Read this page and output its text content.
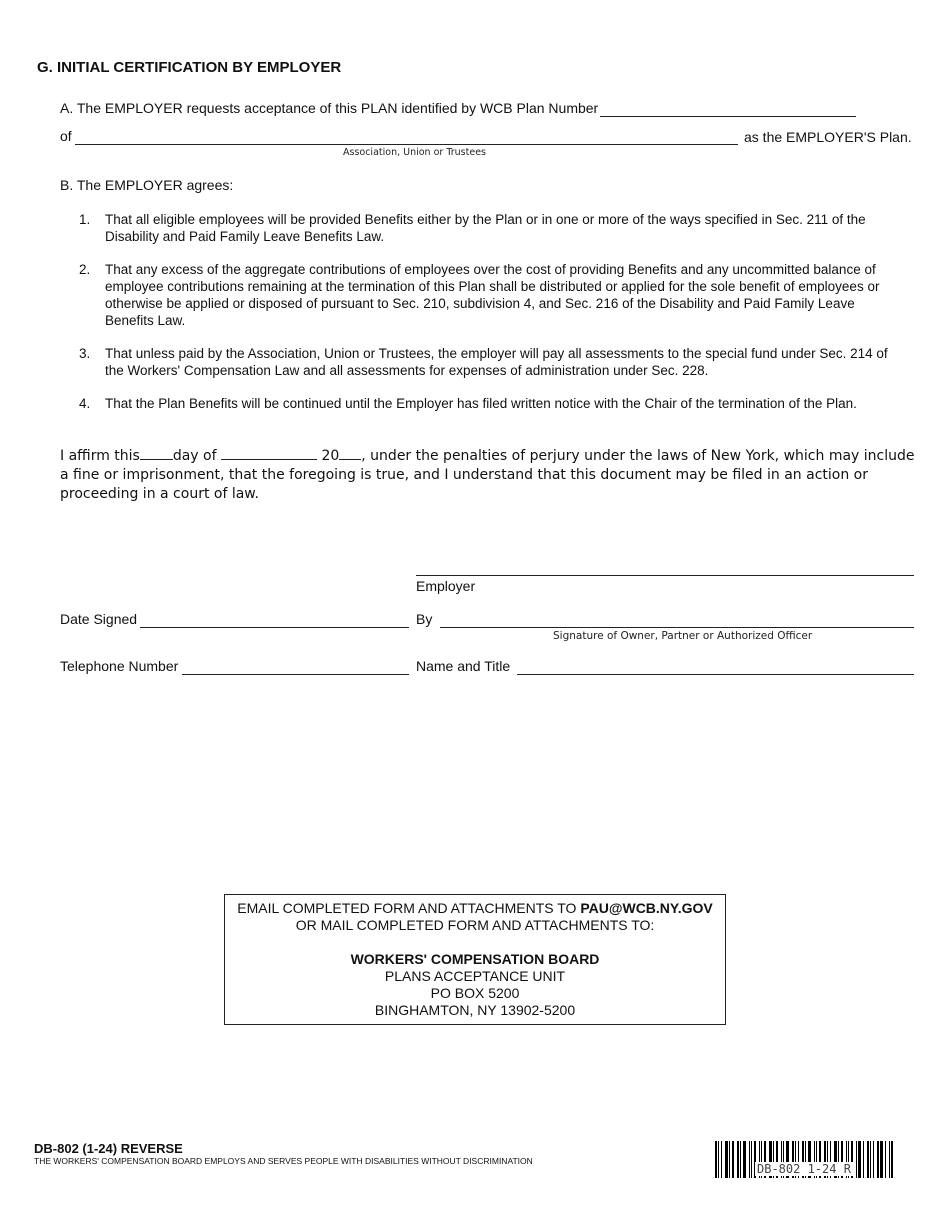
G. INITIAL CERTIFICATION BY EMPLOYER
A. The EMPLOYER requests acceptance of this PLAN identified by WCB Plan Number
of	as the EMPLOYER'S Plan.
Association, Union or Trustees
B. The EMPLOYER agrees:
1. That all eligible employees will be provided Benefits either by the Plan or in one or more of the ways specified in Sec. 211 of the
Disability and Paid Family Leave Benefits Law.
2. That any excess of the aggregate contributions of employees over the cost of providing Benefits and any uncommitted balance of
employee contributions remaining at the termination of this Plan shall be distributed or applied for the sole benefit of employees or
otherwise be applied or disposed of pursuant to Sec. 210, subdivision 4, and Sec. 216 of the Disability and Paid Family Leave
Benefits Law.
3. That unless paid by the Association, Union or Trustees, the employer will pay all assessments to the special fund under Sec. 214 of
the Workers' Compensation Law and all assessments for expenses of administration under Sec. 228.
4. That the Plan Benefits will be continued until the Employer has filed written notice with the Chair of the termination of the Plan.
I affirm this day of	20 , under the penalties of perjury under the laws of New York, which may include a fine or imprisonment, that the foregoing is true, and I understand that this document may be filed in an action or proceeding in a court of law.
Employer
Date Signed	By
Signature of Owner, Partner or Authorized Officer
Telephone Number	Name and Title
EMAIL COMPLETED FORM AND ATTACHMENTS TO PAU@WCB.NY.GOV
OR MAIL COMPLETED FORM AND ATTACHMENTS TO:
WORKERS' COMPENSATION BOARD
PLANS ACCEPTANCE UNIT
PO BOX 5200
BINGHAMTON, NY 13902-5200
DB-802 (1-24) REVERSE
THE WORKERS' COMPENSATION BOARD EMPLOYS AND SERVES PEOPLE WITH DISABILITIES WITHOUT DISCRIMINATION
DB-802 1-24 R
